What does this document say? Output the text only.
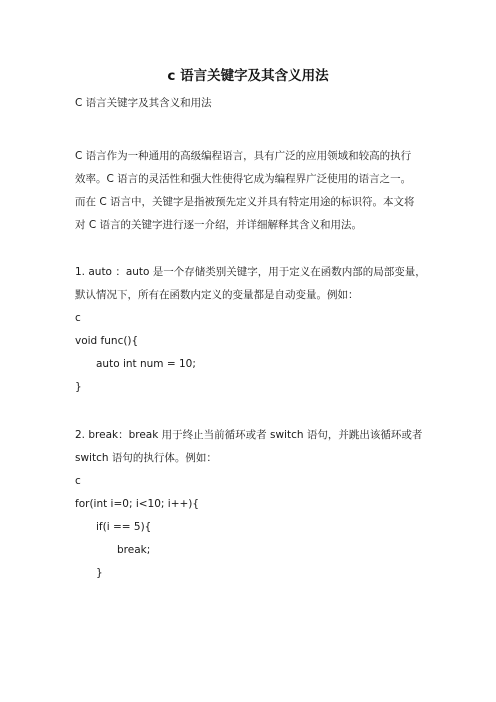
c 语言关键字及其含义用法
C 语言关键字及其含义和用法
C 语言作为一种通用的高级编程语言，具有广泛的应用领域和较高的执行
效率。C 语言的灵活性和强大性使得它成为编程界广泛使用的语言之一。
而在 C 语言中，关键字是指被预先定义并具有特定用途的标识符。本文将
对 C 语言的关键字进行逐一介绍，并详细解释其含义和用法。
1. auto ：auto 是一个存储类别关键字，用于定义在函数内部的局部变量，
默认情况下，所有在函数内定义的变量都是自动变量。例如：
c
void func(){
auto int num = 10;
}
2. break：break 用于终止当前循环或者 switch 语句，并跳出该循环或者
switch 语句的执行体。例如：
c
for(int i=0; i<10; i++){
if(i == 5){
break;
}
